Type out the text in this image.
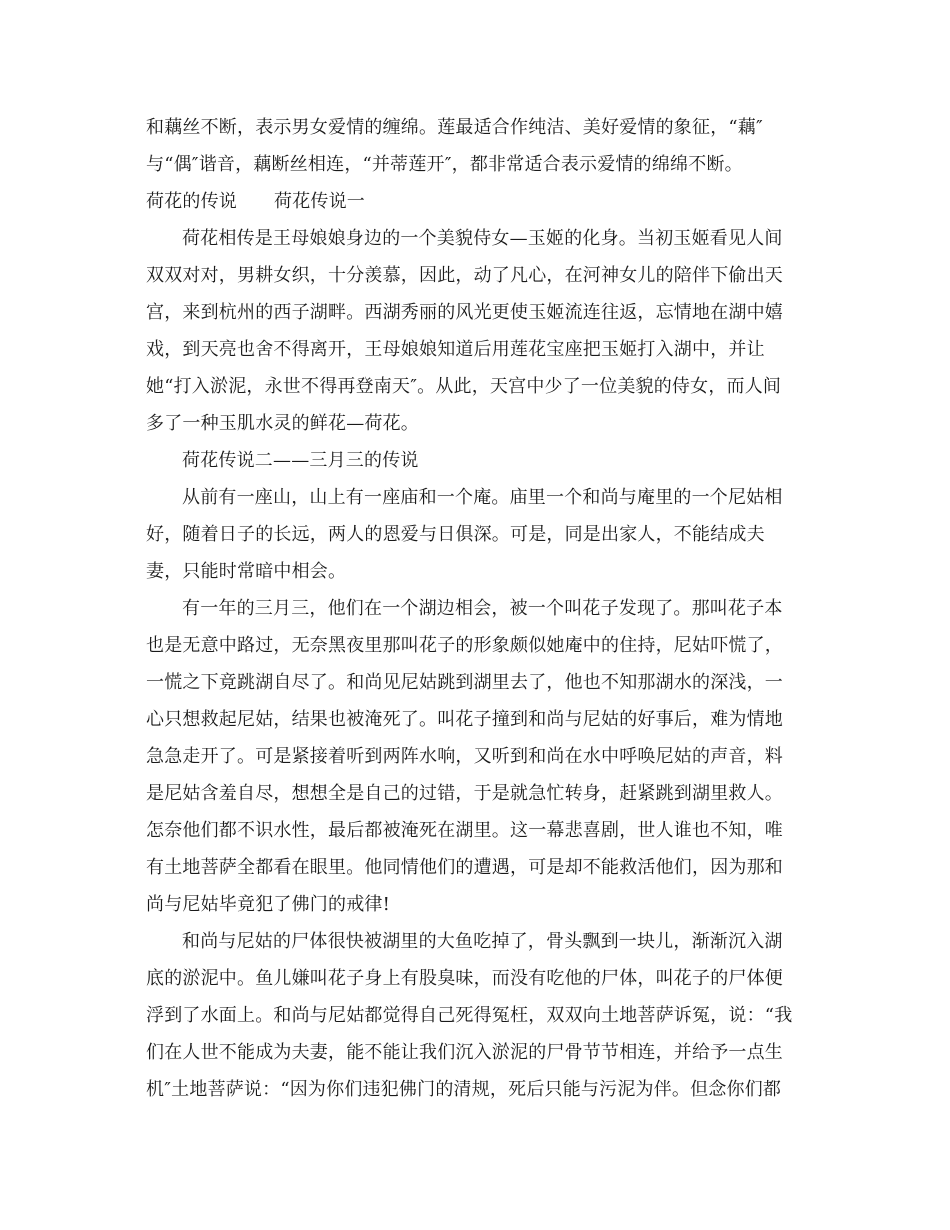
和藕丝不断，表示男女爱情的缠绵。莲最适合作纯洁、美好爱情的象征，“藕″
与“偶″谐音，藕断丝相连，“并蒂莲开″，都非常适合表示爱情的绵绵不断。
荷花的传说 荷花传说一
荷花相传是王母娘娘身边的一个美貌侍女—玉姬的化身。当初玉姬看见人间
双双对对，男耕女织，十分羡慕，因此，动了凡心，在河神女儿的陪伴下偷出天
宫，来到杭州的西子湖畔。西湖秀丽的风光更使玉姬流连往返，忘情地在湖中嬉
戏，到天亮也舍不得离开，王母娘娘知道后用莲花宝座把玉姬打入湖中，并让
她“打入淤泥，永世不得再登南天″。从此，天宫中少了一位美貌的侍女，而人间
多了一种玉肌水灵的鲜花—荷花。
荷花传说二——三月三的传说
从前有一座山，山上有一座庙和一个庵。庙里一个和尚与庵里的一个尼姑相
好，随着日子的长远，两人的恩爱与日俱深。可是，同是出家人，不能结成夫
妻，只能时常暗中相会。
有一年的三月三，他们在一个湖边相会，被一个叫花子发现了。那叫花子本
也是无意中路过，无奈黑夜里那叫花子的形象颇似她庵中的住持，尼姑吓慌了，
一慌之下竟跳湖自尽了。和尚见尼姑跳到湖里去了，他也不知那湖水的深浅，一
心只想救起尼姑，结果也被淹死了。叫花子撞到和尚与尼姑的好事后，难为情地
急急走开了。可是紧接着听到两阵水响，又听到和尚在水中呼唤尼姑的声音，料
是尼姑含羞自尽，想想全是自己的过错，于是就急忙转身，赶紧跳到湖里救人。
怎奈他们都不识水性，最后都被淹死在湖里。这一幕悲喜剧，世人谁也不知，唯
有土地菩萨全都看在眼里。他同情他们的遭遇，可是却不能救活他们，因为那和
尚与尼姑毕竟犯了佛门的戒律!
和尚与尼姑的尸体很快被湖里的大鱼吃掉了，骨头飘到一块儿，渐渐沉入湖
底的淤泥中。鱼儿嫌叫花子身上有股臭味，而没有吃他的尸体，叫花子的尸体便
浮到了水面上。和尚与尼姑都觉得自己死得冤枉，双双向土地菩萨诉冤，说：“我
们在人世不能成为夫妻，能不能让我们沉入淤泥的尸骨节节相连，并给予一点生
机″土地菩萨说：“因为你们违犯佛门的清规，死后只能与污泥为伴。但念你们都
